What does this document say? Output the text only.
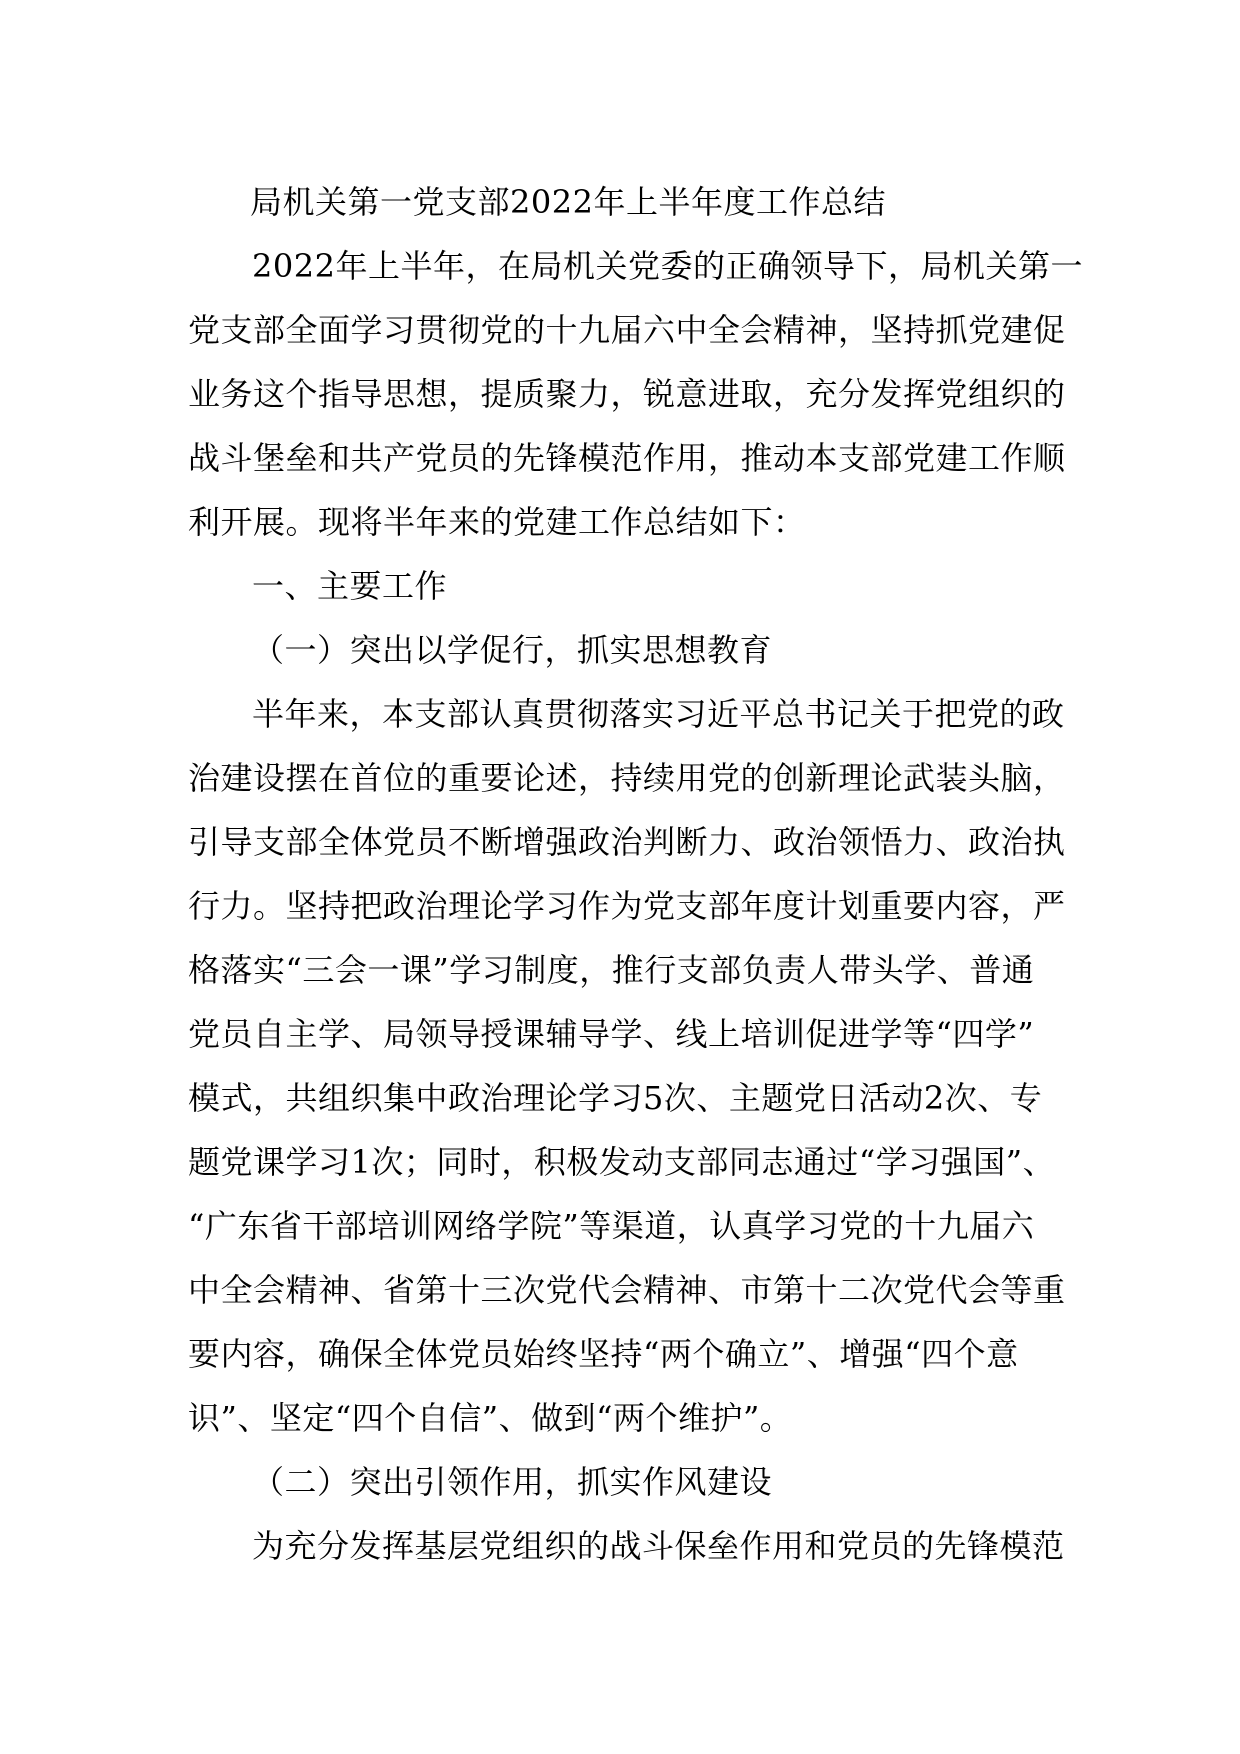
局机关第一党支部2022年上半年度工作总结
2022年上半年，在局机关党委的正确领导下，局机关第一
党支部全面学习贯彻党的十九届六中全会精神，坚持抓党建促
业务这个指导思想，提质聚力，锐意进取，充分发挥党组织的
战斗堡垒和共产党员的先锋模范作用，推动本支部党建工作顺
利开展。现将半年来的党建工作总结如下：
一、主要工作
（一）突出以学促行，抓实思想教育
半年来，本支部认真贯彻落实习近平总书记关于把党的政
治建设摆在首位的重要论述，持续用党的创新理论武装头脑，
引导支部全体党员不断增强政治判断力、政治领悟力、政治执
行力。坚持把政治理论学习作为党支部年度计划重要内容，严
格落实“三会一课”学习制度，推行支部负责人带头学、普通
党员自主学、局领导授课辅导学、线上培训促进学等“四学”
模式，共组织集中政治理论学习5次、主题党日活动2次、专
题党课学习1次；同时，积极发动支部同志通过“学习强国”、
“广东省干部培训网络学院”等渠道，认真学习党的十九届六
中全会精神、省第十三次党代会精神、市第十二次党代会等重
要内容，确保全体党员始终坚持“两个确立”、增强“四个意
识”、坚定“四个自信”、做到“两个维护”。
（二）突出引领作用，抓实作风建设
为充分发挥基层党组织的战斗保垒作用和党员的先锋模范
